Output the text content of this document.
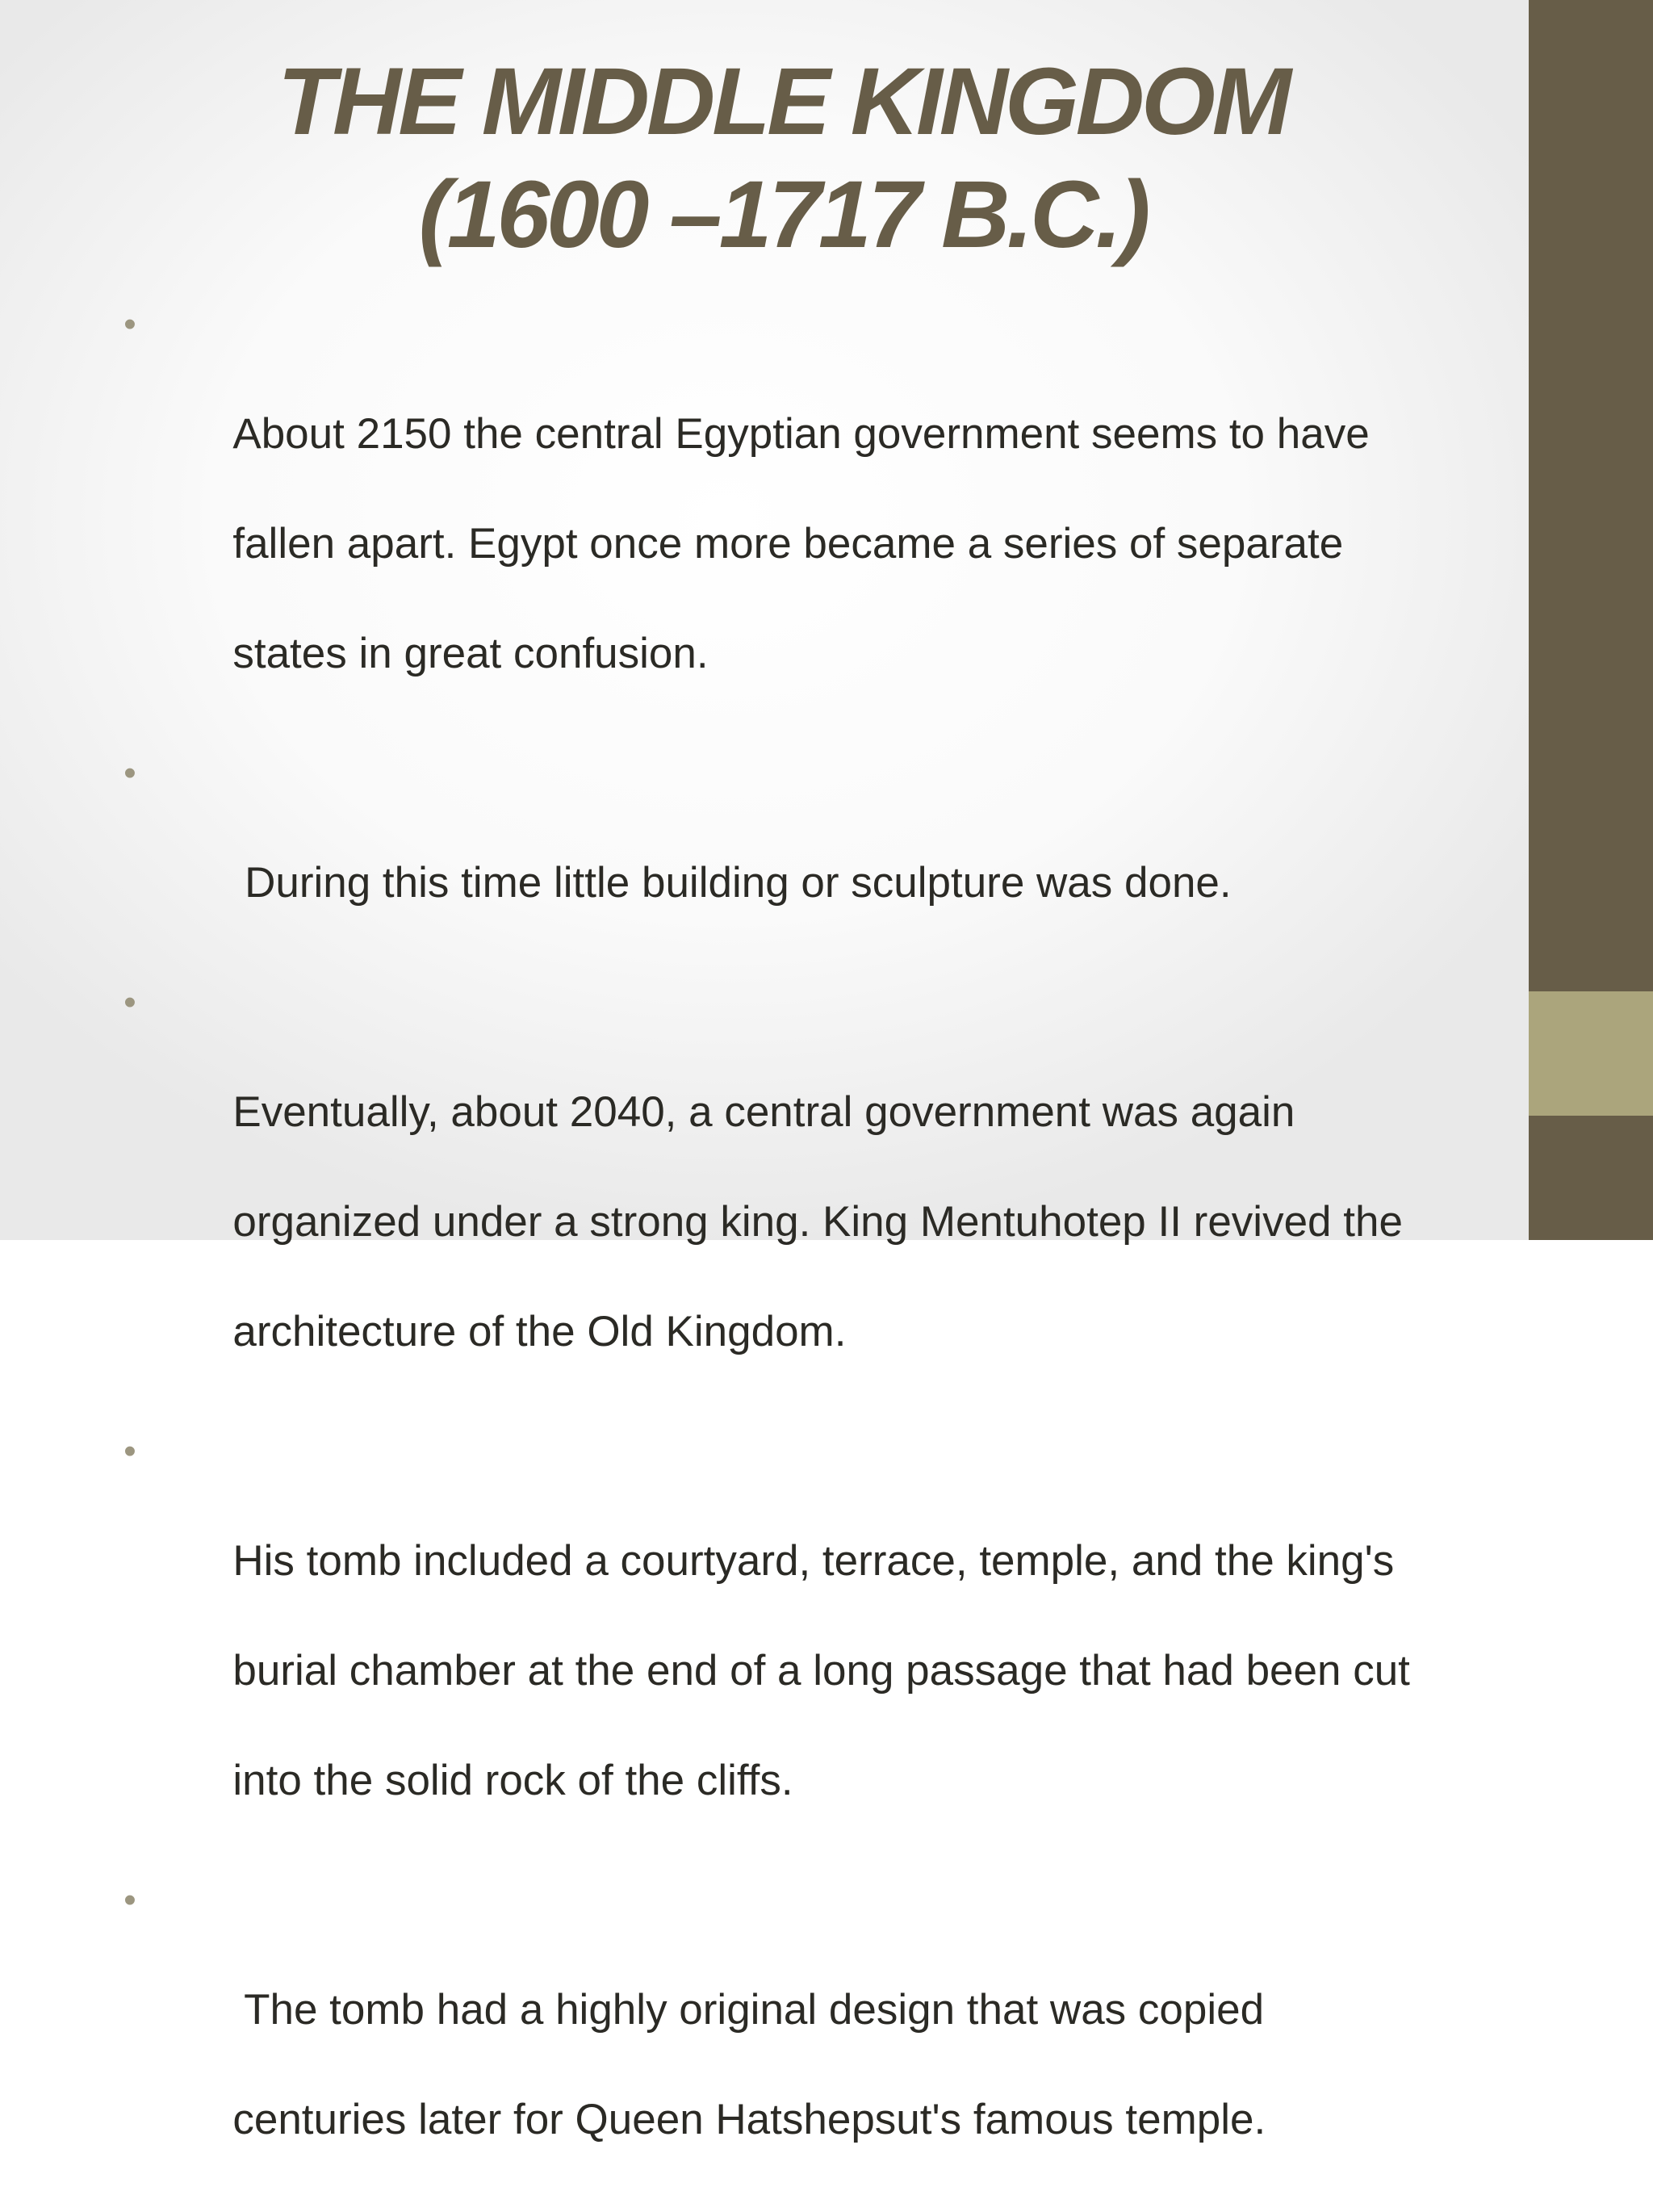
THE MIDDLE KINGDOM
(1600 –1717 B.C.)

•

About 2150 the central Egyptian government seems to have

fallen apart. Egypt once more became a series of separate

states in great confusion.

•

During this time little building or sculpture was done.

•

Eventually, about 2040, a central government was again

organized under a strong king. King Mentuhotep II revived the

architecture of the Old Kingdom.

•

His tomb included a courtyard, terrace, temple, and the king's

burial chamber at the end of a long passage that had been cut

into the solid rock of the cliffs.

•

The tomb had a highly original design that was copied

centuries later for Queen Hatshepsut's famous temple.
